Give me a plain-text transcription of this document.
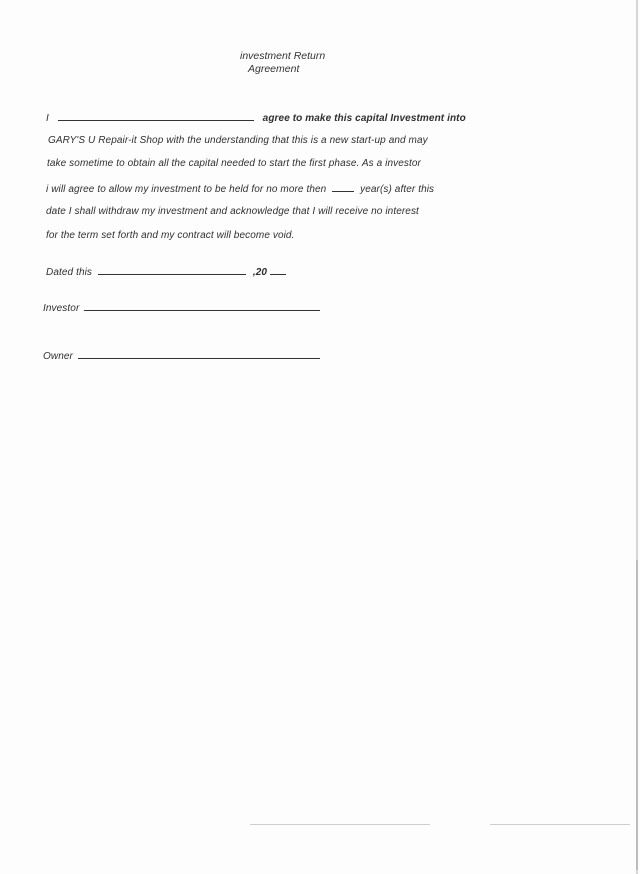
investment Return
Agreement
I	agree to make this capital Investment into
GARY'S U Repair-it Shop with the understanding that this is a new start-up and may
take sometime to obtain all the capital needed to start the first phase. As a investor
i will agree to allow my investment to be held for no more then	year(s) after this
date I shall withdraw my investment and acknowledge that I will receive no interest
for the term set forth and my contract will become void.
Dated this	,20
Investor
Owner
